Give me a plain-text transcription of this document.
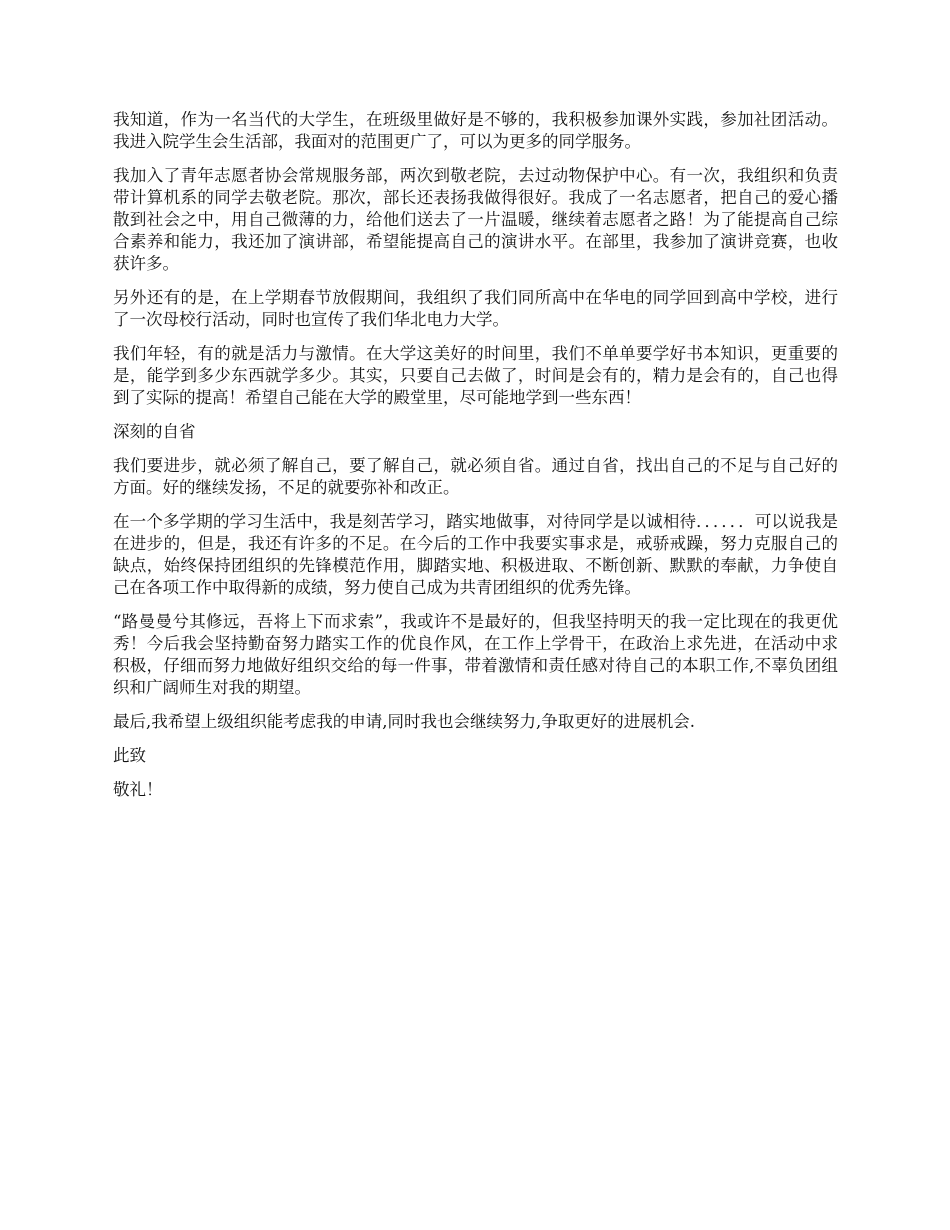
我知道，作为一名当代的大学生，在班级里做好是不够的，我积极参加课外实践，参加社团活动。我进入院学生会生活部，我面对的范围更广了，可以为更多的同学服务。

我加入了青年志愿者协会常规服务部，两次到敬老院，去过动物保护中心。有一次，我组织和负责带计算机系的同学去敬老院。那次，部长还表扬我做得很好。我成了一名志愿者，把自己的爱心播散到社会之中，用自己微薄的力，给他们送去了一片温暖，继续着志愿者之路！为了能提高自己综合素养和能力，我还加了演讲部，希望能提高自己的演讲水平。在部里，我参加了演讲竞赛，也收获许多。

另外还有的是，在上学期春节放假期间，我组织了我们同所高中在华电的同学回到高中学校，进行了一次母校行活动，同时也宣传了我们华北电力大学。

我们年轻，有的就是活力与激情。在大学这美好的时间里，我们不单单要学好书本知识，更重要的是，能学到多少东西就学多少。其实，只要自己去做了，时间是会有的，精力是会有的，自己也得到了实际的提高！希望自己能在大学的殿堂里，尽可能地学到一些东西！

深刻的自省

我们要进步，就必须了解自己，要了解自己，就必须自省。通过自省，找出自己的不足与自己好的方面。好的继续发扬，不足的就要弥补和改正。

在一个多学期的学习生活中，我是刻苦学习，踏实地做事，对待同学是以诚相待．．．．．．可以说我是在进步的，但是，我还有许多的不足。在今后的工作中我要实事求是，戒骄戒躁，努力克服自己的缺点，始终保持团组织的先锋模范作用，脚踏实地、积极进取、不断创新、默默的奉献，力争使自己在各项工作中取得新的成绩，努力使自己成为共青团组织的优秀先锋。

“路曼曼兮其修远，吾将上下而求索”，我或许不是最好的，但我坚持明天的我一定比现在的我更优秀！今后我会坚持勤奋努力踏实工作的优良作风，在工作上学骨干，在政治上求先进，在活动中求积极，仔细而努力地做好组织交给的每一件事，带着激情和责任感对待自己的本职工作,不辜负团组织和广阔师生对我的期望。

最后,我希望上级组织能考虑我的申请,同时我也会继续努力,争取更好的进展机会.

此致

敬礼！
